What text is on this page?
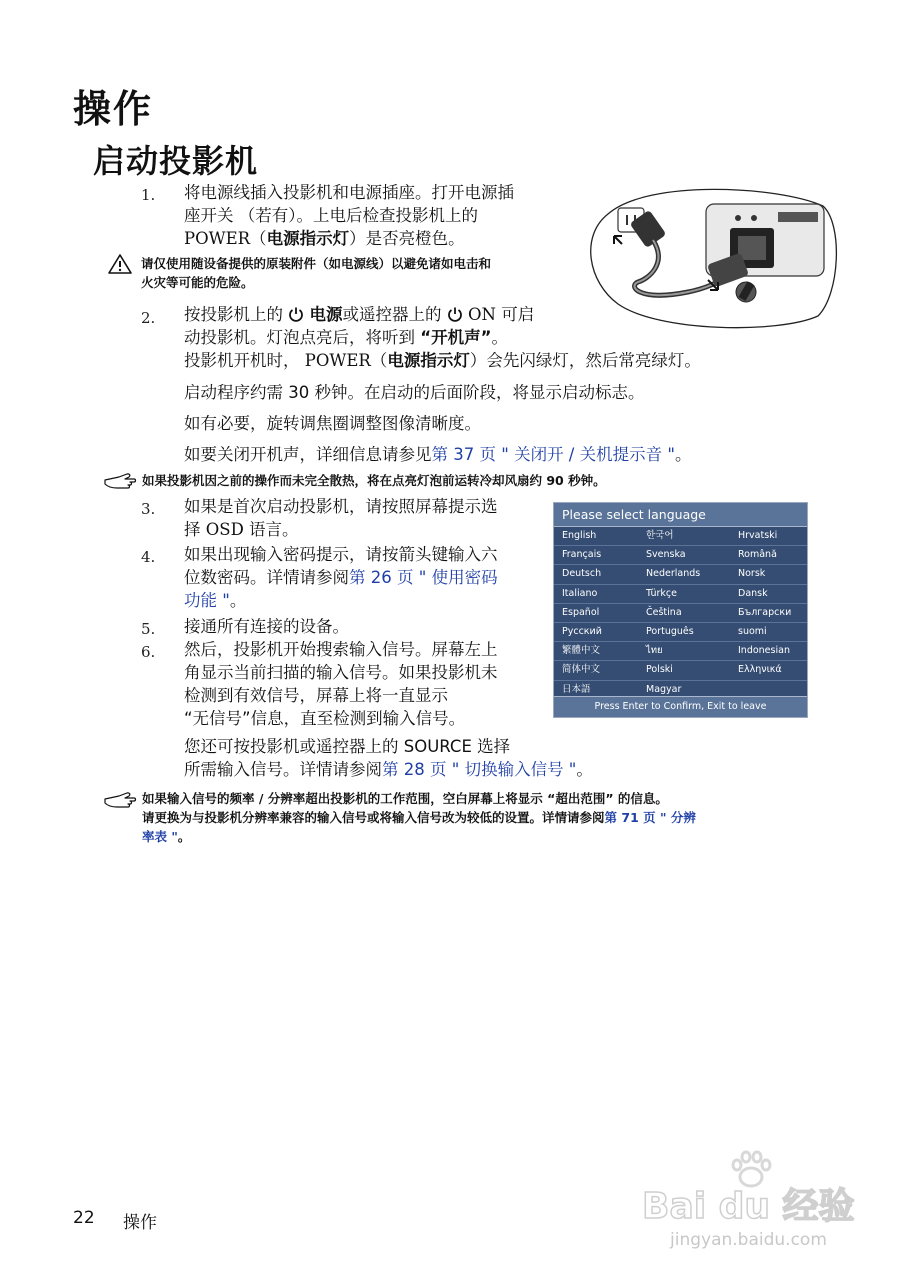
操作
启动投影机
1. 将电源线插入投影机和电源插座。打开电源插
座开关 （若有）。上电后检查投影机上的
POWER（电源指示灯）是否亮橙色。
请仅使用随设备提供的原装附件（如电源线）以避免诸如电击和
火灾等可能的危险。
2. 按投影机上的  电源或遥控器上的  ON 可启
动投影机。灯泡点亮后，将听到 “开机声”。
投影机开机时， POWER（电源指示灯）会先闪绿灯，然后常亮绿灯。
启动程序约需 30 秒钟。在启动的后面阶段，将显示启动标志。
如有必要，旋转调焦圈调整图像清晰度。
如要关闭开机声，详细信息请参见第 37 页 " 关闭开 / 关机提示音 "。
如果投影机因之前的操作而未完全散热，将在点亮灯泡前运转冷却风扇约 90 秒钟。
3. 如果是首次启动投影机，请按照屏幕提示选
择 OSD 语言。
4. 如果出现输入密码提示，请按箭头键输入六
位数密码。详情请参阅第 26 页 " 使用密码
功能 "。
5. 接通所有连接的设备。
6. 然后，投影机开始搜索输入信号。屏幕左上
角显示当前扫描的输入信号。如果投影机未
检测到有效信号，屏幕上将一直显示
“无信号”信息，直至检测到输入信号。
您还可按投影机或遥控器上的 SOURCE 选择
所需输入信号。详情请参阅第 28 页 " 切换输入信号 "。
Please select language
English	한국어	Hrvatski
Français	Svenska	Română
Deutsch	Nederlands	Norsk
Italiano	Türkçe	Dansk
Español	Čeština	Български
Русский	Português	suomi
繁體中文	ไทย	Indonesian
简体中文	Polski	Ελληνικά
日本語	Magyar
Press Enter to Confirm, Exit to leave
如果输入信号的频率 / 分辨率超出投影机的工作范围，空白屏幕上将显示 “超出范围” 的信息。
请更换为与投影机分辨率兼容的输入信号或将输入信号改为较低的设置。详情请参阅第 71 页 " 分辨
率表 "。
22 操作	Bai du 经验
jingyan.baidu.com
